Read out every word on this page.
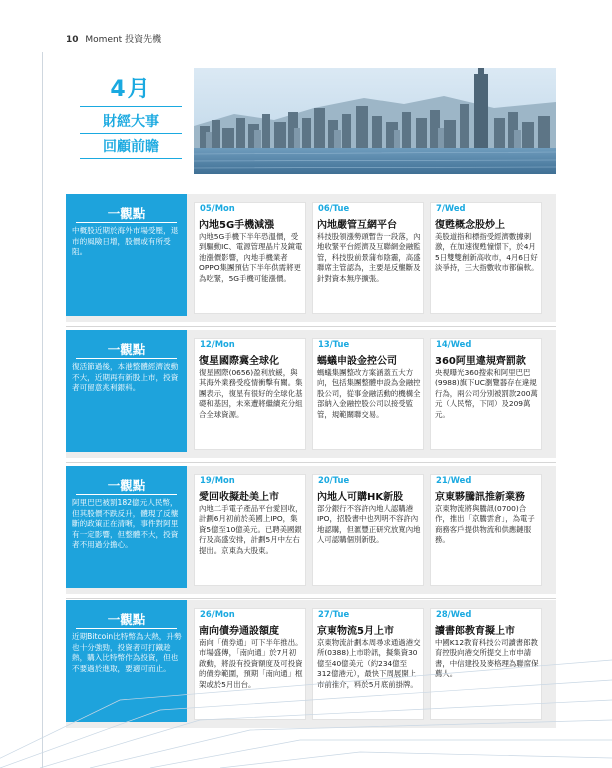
10 Moment 投資先機
4月
財經大事
回顧前瞻
一觀點
中概股近期於海外市場受壓，退市的風險日增，股價或有所受阻。
05/Mon
內地5G手機減漲
內地5G手機下半年恐溫價，受到驅動IC、電源管理晶片及鏡電池漲價影響，內地手機業者OPPO集團預估下半年供需將更為吃緊，5G手機可能漲價。
06/Tue
內地嚴管互網平台
科技股領漲勢頭暫告一段落，內地收緊平台經濟及互聯網金融監管，科技股前景蒲布陰霾，高盛聯席主管認為，主要是反壟斷及針對資本無序擴張。
7/Wed
復甦概念股炒上
美股道指和標指受經濟數據刺激，在加速復甦憧憬下，於4月5日雙雙創新高收市，4月6日好淡爭持，三大指數收市都偏軟。
一觀點
復活節過後，本港整體經濟波動不大，近期再有新股上市，投資者可留意兆利銀科。
12/Mon
復星國際冀全球化
復星國際(0656)盈利放緩，與其海外業務受疫情衝擊有關。集團表示，復星有很好的全球化基礎和基因，未來遭將繼續充分組合全球資源。
13/Tue
螞蟻申設金控公司
螞蟻集團整改方案涵蓋五大方向，包括集團整體申設為金融控股公司，從事金融活動的機構全部納入金融控股公司以接受監管，規範關聯交易。
14/Wed
360阿里違規齊罰款
央視曝光360搜索和阿里巴巴(9988)旗下UC瀏覽器存在違規行為，兩公司分別被罰款200萬元（人民幣，下同）及209萬元。
一觀點
阿里巴巴被罰182億元人民幣，但其股價不跌反升，體現了反壟斷的政策正在清晰，事件對阿里有一定影響，但整體不大，投資者不用過分擔心。
19/Mon
愛回收擬赴美上市
內地二手電子產品平台愛回收，計劃6月初前於美國上IPO，集資5億至10億美元。已聘美國銀行及高盛安排，計劃5月中左右提出。京東為大股東。
20/Tue
內地人可購HK新股
部分銀行不容許內地人認購港IPO，招股書中也列明不容許內地認購，但滙豐正研究放寬內地人可認購個別新股。
21/Wed
京東夥騰訊推新業務
京東物流將與騰訊(0700)合作，推出「京騰雲倉」，為電子商務客戶提供物流和供應鏈服務。
一觀點
近期Bitcoin比特幣為大熱，升勢也十分強勁，投資者可打鐵趁熱，購入比特幣作為投資，但也不要過於進取，要適可而止。
26/Mon
南向債券通設額度
南向「債券通」可下半年推出。市場盛傳，「南向通」於7月初啟動，將設有投資額度及可投資的債券範圍，預期「南向通」框架或於5月出台。
27/Tue
京東物流5月上市
京東物流計劃本周尋求通過港交所(0388)上市聆訊，擬集資30億至40億美元（約234億至312億港元），最快下周展開上市前推介，料於5月底前掛牌。
28/Wed
讀書郎教育擬上市
中國K12教育科技公司讀書郎教育控股向港交所提交上市申請書，中信建投及麥格理為聯席保薦人。
